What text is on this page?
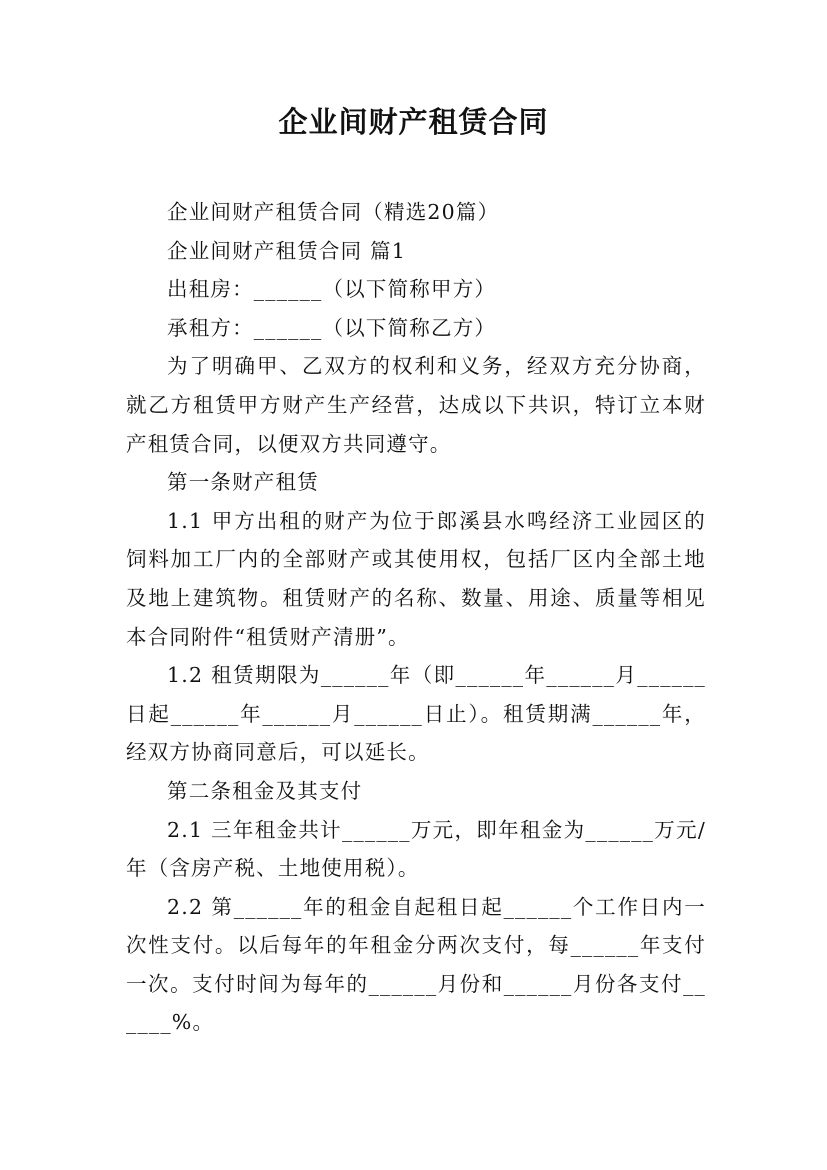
企业间财产租赁合同

企业间财产租赁合同（精选20篇）

企业间财产租赁合同 篇1

出租房：______（以下简称甲方）

承租方：______（以下简称乙方）

为了明确甲、乙双方的权利和义务，经双方充分协商，就乙方租赁甲方财产生产经营，达成以下共识，特订立本财产租赁合同，以便双方共同遵守。

第一条财产租赁

1.1 甲方出租的财产为位于郎溪县水鸣经济工业园区的饲料加工厂内的全部财产或其使用权，包括厂区内全部土地及地上建筑物。租赁财产的名称、数量、用途、质量等相见本合同附件“租赁财产清册”。

1.2 租赁期限为______年（即______年______月______日起______年______月______日止）。租赁期满______年，经双方协商同意后，可以延长。

第二条租金及其支付

2.1 三年租金共计______万元，即年租金为______万元/年（含房产税、土地使用税）。

2.2 第______年的租金自起租日起______个工作日内一次性支付。以后每年的年租金分两次支付，每______年支付一次。支付时间为每年的______月份和______月份各支付______%。
